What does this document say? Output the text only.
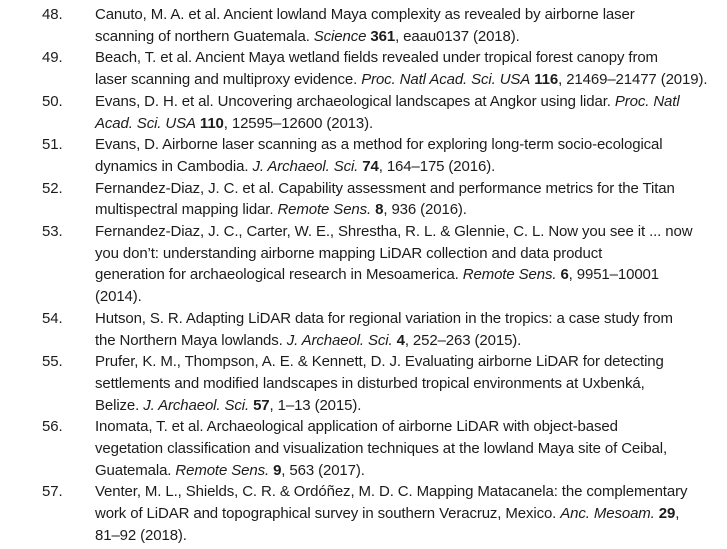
48. Canuto, M. A. et al. Ancient lowland Maya complexity as revealed by airborne laser
scanning of northern Guatemala. Science 361, eaau0137 (2018).
49. Beach, T. et al. Ancient Maya wetland fields revealed under tropical forest canopy from
laser scanning and multiproxy evidence. Proc. Natl Acad. Sci. USA 116, 21469–21477 (2019).
50. Evans, D. H. et al. Uncovering archaeological landscapes at Angkor using lidar. Proc. Natl
Acad. Sci. USA 110, 12595–12600 (2013).
51. Evans, D. Airborne laser scanning as a method for exploring long-term socio-ecological
dynamics in Cambodia. J. Archaeol. Sci. 74, 164–175 (2016).
52. Fernandez-Diaz, J. C. et al. Capability assessment and performance metrics for the Titan
multispectral mapping lidar. Remote Sens. 8, 936 (2016).
53. Fernandez-Diaz, J. C., Carter, W. E., Shrestha, R. L. & Glennie, C. L. Now you see it ... now
you don’t: understanding airborne mapping LiDAR collection and data product
generation for archaeological research in Mesoamerica. Remote Sens. 6, 9951–10001
(2014).
54. Hutson, S. R. Adapting LiDAR data for regional variation in the tropics: a case study from
the Northern Maya lowlands. J. Archaeol. Sci. 4, 252–263 (2015).
55. Prufer, K. M., Thompson, A. E. & Kennett, D. J. Evaluating airborne LiDAR for detecting
settlements and modified landscapes in disturbed tropical environments at Uxbenká,
Belize. J. Archaeol. Sci. 57, 1–13 (2015).
56. Inomata, T. et al. Archaeological application of airborne LiDAR with object-based
vegetation classification and visualization techniques at the lowland Maya site of Ceibal,
Guatemala. Remote Sens. 9, 563 (2017).
57. Venter, M. L., Shields, C. R. & Ordóñez, M. D. C. Mapping Matacanela: the complementary
work of LiDAR and topographical survey in southern Veracruz, Mexico. Anc. Mesoam. 29,
81–92 (2018).
